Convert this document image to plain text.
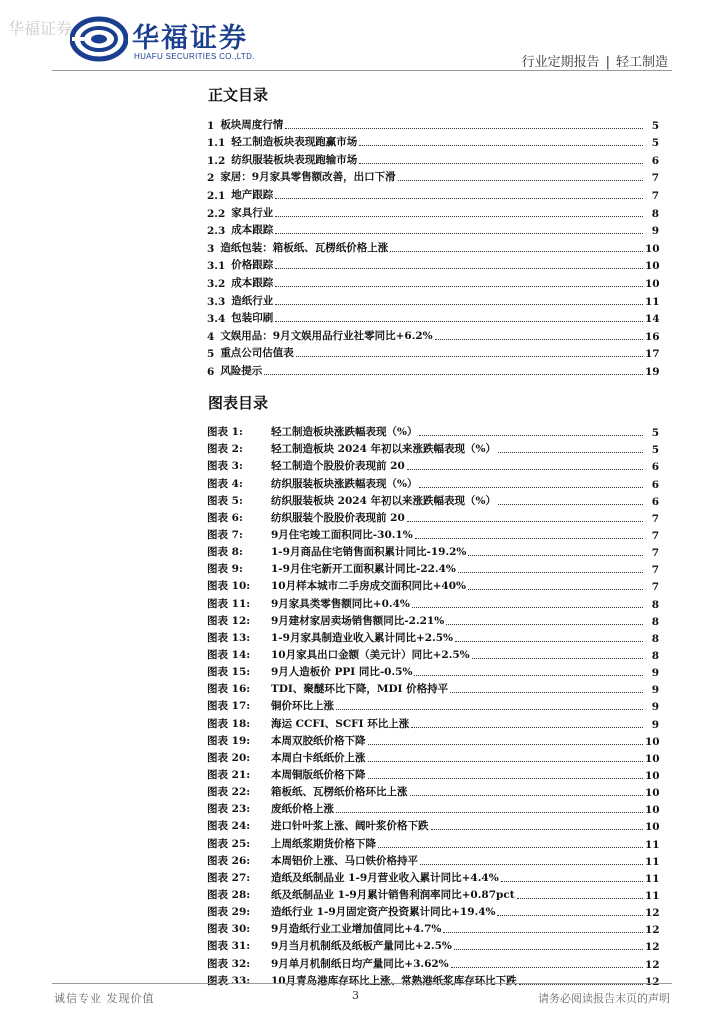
华福证券 华福证券
HUAFU SECURITIES CO.,LTD.	行业定期报告 | 轻工制造
正文目录
1 板块周度行情	5
1.1 轻工制造板块表现跑赢市场	5
1.2 纺织服装板块表现跑输市场	6
2 家居：9月家具零售额改善，出口下滑	7
2.1 地产跟踪	7
2.2 家具行业	8
2.3 成本跟踪	9
3 造纸包装：箱板纸、瓦楞纸价格上涨	10
3.1 价格跟踪	10
3.2 成本跟踪	10
3.3 造纸行业	11
3.4 包装印刷	14
4 文娱用品：9月文娱用品行业社零同比+6.2%	16
5 重点公司估值表	17
6 风险提示	19
图表目录
图表 1:	轻工制造板块涨跌幅表现（%）	5
图表 2:	轻工制造板块 2024 年初以来涨跌幅表现（%）	5
图表 3:	轻工制造个股股价表现前 20	6
图表 4:	纺织服装板块涨跌幅表现（%）	6
图表 5:	纺织服装板块 2024 年初以来涨跌幅表现（%）	6
图表 6:	纺织服装个股股价表现前 20	7
图表 7:	9月住宅竣工面积同比-30.1%	7
图表 8:	1-9月商品住宅销售面积累计同比-19.2%	7
图表 9:	1-9月住宅新开工面积累计同比-22.4%	7
图表 10:	10月样本城市二手房成交面积同比+40%	7
图表 11:	9月家具类零售额同比+0.4%	8
图表 12:	9月建材家居卖场销售额同比-2.21%	8
图表 13:	1-9月家具制造业收入累计同比+2.5%	8
图表 14:	10月家具出口金额（美元计）同比+2.5%	8
图表 15:	9月人造板价 PPI 同比-0.5%	9
图表 16:	TDI、聚醚环比下降，MDI 价格持平	9
图表 17:	铜价环比上涨	9
图表 18:	海运 CCFI、SCFI 环比上涨	9
图表 19:	本周双胶纸价格下降	10
图表 20:	本周白卡纸纸价上涨	10
图表 21:	本周铜版纸价格下降	10
图表 22:	箱板纸、瓦楞纸价格环比上涨	10
图表 23:	废纸价格上涨	10
图表 24:	进口针叶浆上涨、阔叶浆价格下跌	10
图表 25:	上周纸浆期货价格下降	11
图表 26:	本周铝价上涨、马口铁价格持平	11
图表 27:	造纸及纸制品业 1-9月营业收入累计同比+4.4%	11
图表 28:	纸及纸制品业 1-9月累计销售利润率同比+0.87pct	11
图表 29:	造纸行业 1-9月固定资产投资累计同比+19.4%	12
图表 30:	9月造纸行业工业增加值同比+4.7%	12
图表 31:	9月当月机制纸及纸板产量同比+2.5%	12
图表 32:	9月单月机制纸日均产量同比+3.62%	12
图表 33:	10月青岛港库存环比上涨、常熟港纸浆库存环比下跌	12
诚信专业 发现价值	3	请务必阅读报告末页的声明
